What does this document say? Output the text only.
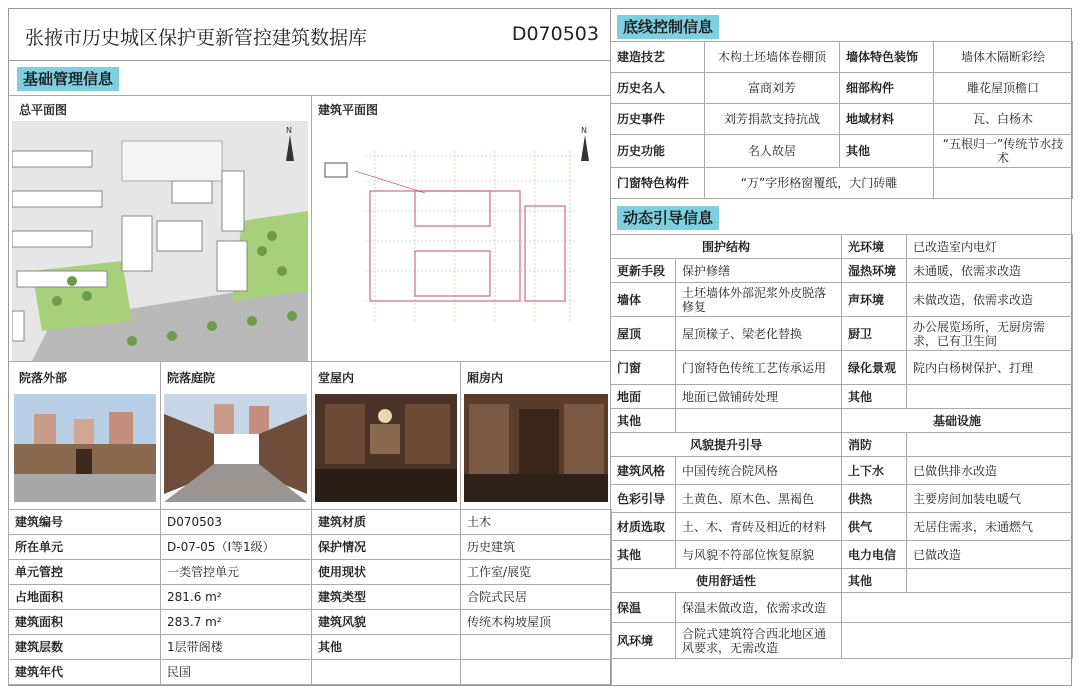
张掖市历史城区保护更新管控建筑数据库	D070503
基础管理信息
总平面图	建筑平面图
N	N
院落外部	院落庭院	堂屋内	厢房内
建筑编号	D070503	建筑材质	土木
所在单元	D-07-05（Ⅰ等1级）	保护情况	历史建筑
单元管控	一类管控单元	使用现状	工作室/展览
占地面积	281.6 m²	建筑类型	合院式民居
建筑面积	283.7 m²	建筑风貌	传统木构坡屋顶
建筑层数	1层带阁楼	其他	
建筑年代	民国		
底线控制信息
建造技艺	木构土坯墙体卷棚顶	墙体特色装饰	墙体木隔断彩绘
历史名人	富商刘芳	细部构件	雕花屋顶檐口
历史事件	刘芳捐款支持抗战	地域材料	瓦、白杨木
历史功能	名人故居	其他	“五根归一”传统节水技术
门窗特色构件	“万”字形格窗覆纸，大门砖雕		
动态引导信息
围护结构		光环境	已改造室内电灯
更新手段	保护修缮	湿热环境	未通暖，依需求改造
墙体	土坯墙体外部泥浆外皮脱落修复	声环境	未做改造，依需求改造
屋顶	屋顶椽子、梁老化替换	厨卫	办公展览场所，无厨房需求，已有卫生间
门窗	门窗特色传统工艺传承运用	绿化景观	院内白杨树保护、打理
地面	地面已做铺砖处理	其他	
其他		基础设施	
风貌提升引导		消防	
建筑风格	中国传统合院风格	上下水	已做供排水改造
色彩引导	土黄色、原木色、黑褐色	供热	主要房间加装电暖气
材质选取	土、木、青砖及相近的材料	供气	无居住需求，未通燃气
其他	与风貌不符部位恢复原貌	电力电信	已做改造
使用舒适性		其他	
保温	保温未做改造，依需求改造		
风环境	合院式建筑符合西北地区通风要求，无需改造		
